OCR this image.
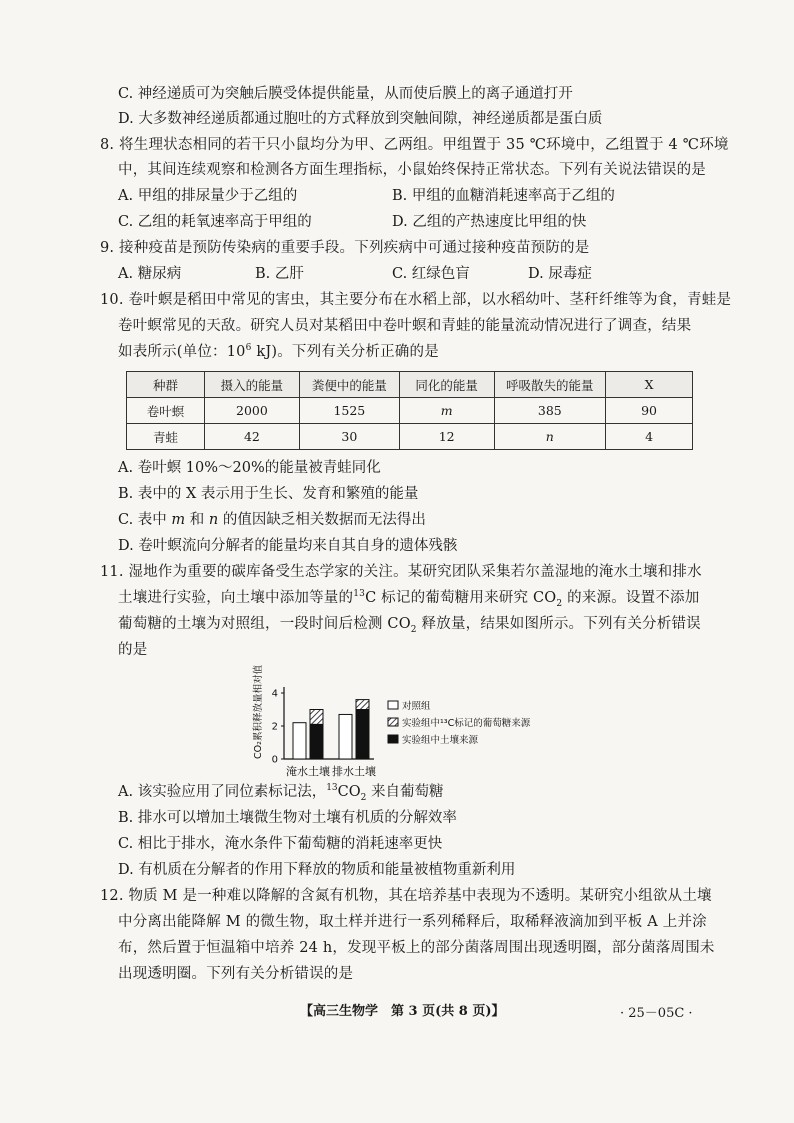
C. 神经递质可为突触后膜受体提供能量，从而使后膜上的离子通道打开
D. 大多数神经递质都通过胞吐的方式释放到突触间隙，神经递质都是蛋白质
8. 将生理状态相同的若干只小鼠均分为甲、乙两组。甲组置于 35 ℃环境中，乙组置于 4 ℃环境
中，其间连续观察和检测各方面生理指标，小鼠始终保持正常状态。下列有关说法错误的是
A. 甲组的排尿量少于乙组的	B. 甲组的血糖消耗速率高于乙组的
C. 乙组的耗氧速率高于甲组的	D. 乙组的产热速度比甲组的快
9. 接种疫苗是预防传染病的重要手段。下列疾病中可通过接种疫苗预防的是
A. 糖尿病	B. 乙肝	C. 红绿色盲	D. 尿毒症
10. 卷叶螟是稻田中常见的害虫，其主要分布在水稻上部，以水稻幼叶、茎秆纤维等为食，青蛙是
卷叶螟常见的天敌。研究人员对某稻田中卷叶螟和青蛙的能量流动情况进行了调查，结果
如表所示(单位：$10^6$ kJ)。下列有关分析正确的是
种群	摄入的能量	粪便中的能量	同化的能量	呼吸散失的能量	X
卷叶螟	2000	1525	m	385	90
青蛙	42	30	12	n	4
A. 卷叶螟 10%～20%的能量被青蛙同化
B. 表中的 X 表示用于生长、发育和繁殖的能量
C. 表中 m 和 n 的值因缺乏相关数据而无法得出
D. 卷叶螟流向分解者的能量均来自其自身的遗体残骸
11. 湿地作为重要的碳库备受生态学家的关注。某研究团队采集若尔盖湿地的淹水土壤和排水
土壤进行实验，向土壤中添加等量的$^{13}$C 标记的葡萄糖用来研究 $CO_2$ 的来源。设置不添加
葡萄糖的土壤为对照组，一段时间后检测 $CO_2$ 释放量，结果如图所示。下列有关分析错误
的是
CO₂累积释放量相对值
0
2
4
淹水土壤 排水土壤
对照组
实验组中¹³C标记的葡萄糖来源
实验组中土壤来源
A. 该实验应用了同位素标记法，$^{13}CO_2$ 来自葡萄糖
B. 排水可以增加土壤微生物对土壤有机质的分解效率
C. 相比于排水，淹水条件下葡萄糖的消耗速率更快
D. 有机质在分解者的作用下释放的物质和能量被植物重新利用
12. 物质 M 是一种难以降解的含氮有机物，其在培养基中表现为不透明。某研究小组欲从土壤
中分离出能降解 M 的微生物，取土样并进行一系列稀释后，取稀释液滴加到平板 A 上并涂
布，然后置于恒温箱中培养 24 h，发现平板上的部分菌落周围出现透明圈，部分菌落周围未
出现透明圈。下列有关分析错误的是
【高三生物学　第 3 页(共 8 页)】	· 25－05C ·
